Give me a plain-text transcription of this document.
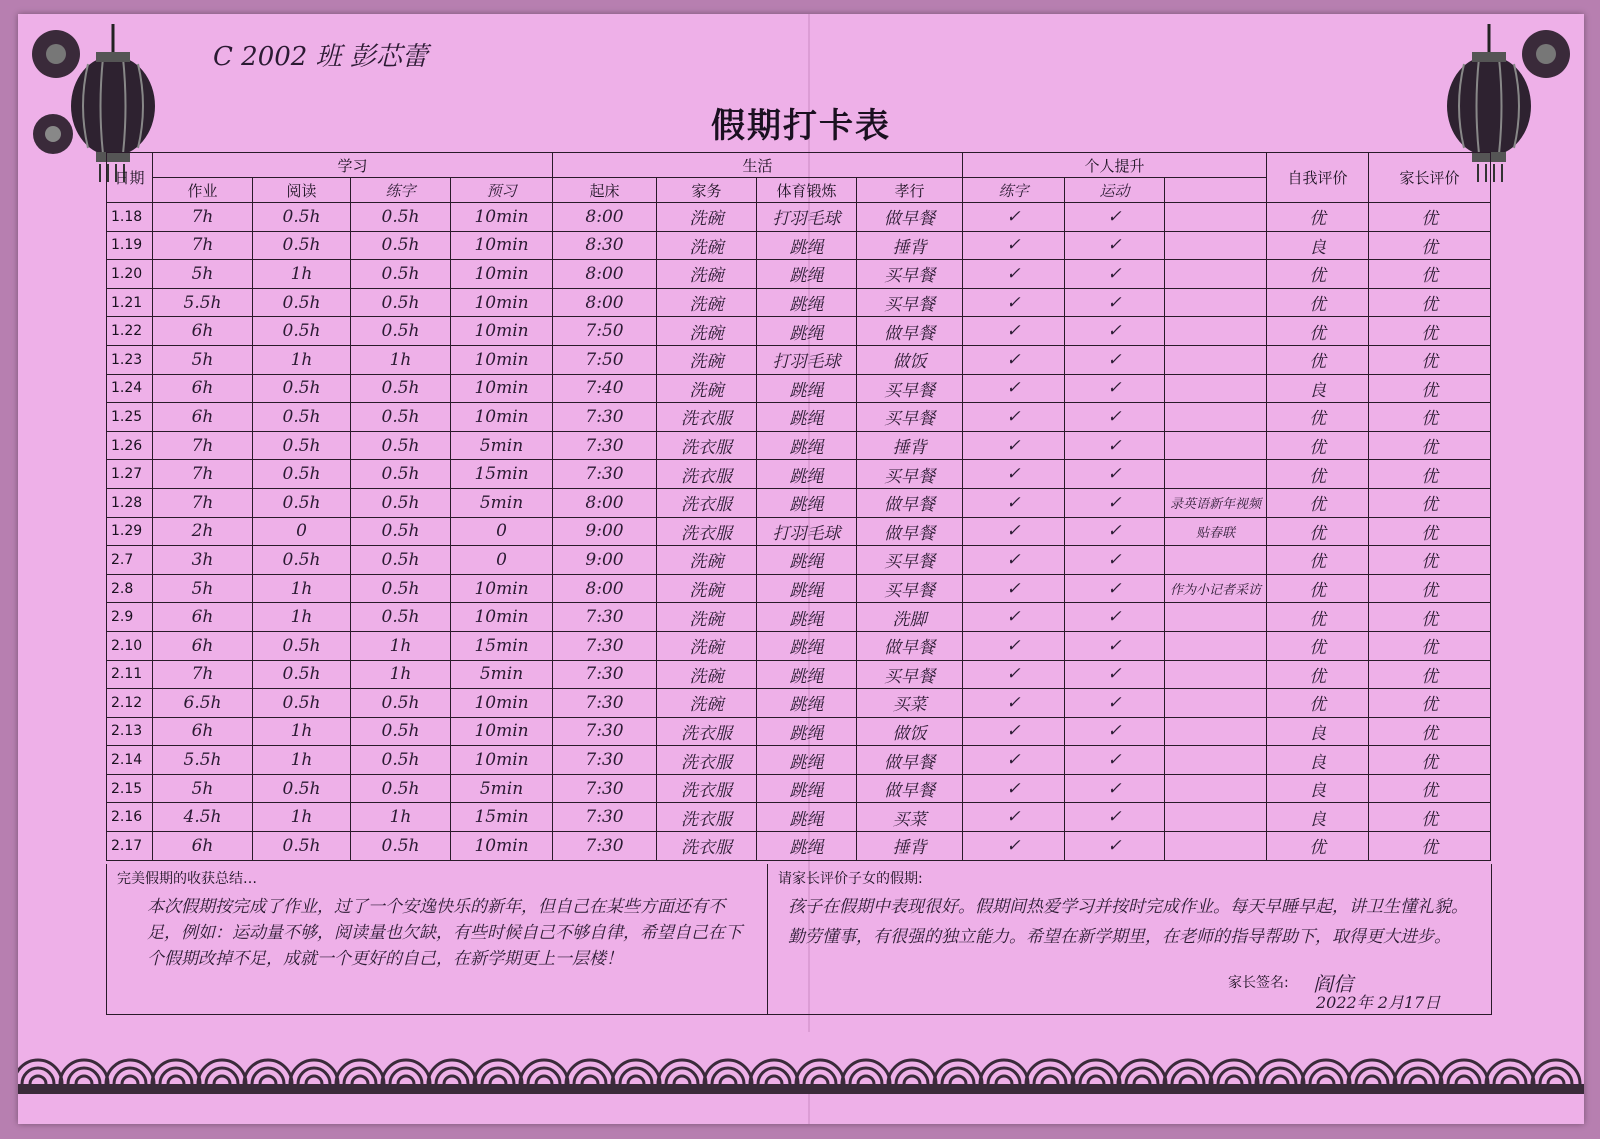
C 2002 班 彭芯蕾
假期打卡表
日期	学习				生活				个人提升			自我评价	家长评价
	作业	阅读	练字	预习	起床	家务	体育锻炼	孝行	练字	运动			
1.18	7h	0.5h	0.5h	10min	8:00	洗碗	打羽毛球	做早餐	✓	✓		优	优
1.19	7h	0.5h	0.5h	10min	8:30	洗碗	跳绳	捶背	✓	✓		良	优
1.20	5h	1h	0.5h	10min	8:00	洗碗	跳绳	买早餐	✓	✓		优	优
1.21	5.5h	0.5h	0.5h	10min	8:00	洗碗	跳绳	买早餐	✓	✓		优	优
1.22	6h	0.5h	0.5h	10min	7:50	洗碗	跳绳	做早餐	✓	✓		优	优
1.23	5h	1h	1h	10min	7:50	洗碗	打羽毛球	做饭	✓	✓		优	优
1.24	6h	0.5h	0.5h	10min	7:40	洗碗	跳绳	买早餐	✓	✓		良	优
1.25	6h	0.5h	0.5h	10min	7:30	洗衣服	跳绳	买早餐	✓	✓		优	优
1.26	7h	0.5h	0.5h	5min	7:30	洗衣服	跳绳	捶背	✓	✓		优	优
1.27	7h	0.5h	0.5h	15min	7:30	洗衣服	跳绳	买早餐	✓	✓		优	优
1.28	7h	0.5h	0.5h	5min	8:00	洗衣服	跳绳	做早餐	✓	✓	录英语新年视频	优	优
1.29	2h	0	0.5h	0	9:00	洗衣服	打羽毛球	做早餐	✓	✓	贴春联	优	优
2.7	3h	0.5h	0.5h	0	9:00	洗碗	跳绳	买早餐	✓	✓		优	优
2.8	5h	1h	0.5h	10min	8:00	洗碗	跳绳	买早餐	✓	✓	作为小记者采访	优	优
2.9	6h	1h	0.5h	10min	7:30	洗碗	跳绳	洗脚	✓	✓		优	优
2.10	6h	0.5h	1h	15min	7:30	洗碗	跳绳	做早餐	✓	✓		优	优
2.11	7h	0.5h	1h	5min	7:30	洗碗	跳绳	买早餐	✓	✓		优	优
2.12	6.5h	0.5h	0.5h	10min	7:30	洗碗	跳绳	买菜	✓	✓		优	优
2.13	6h	1h	0.5h	10min	7:30	洗衣服	跳绳	做饭	✓	✓		良	优
2.14	5.5h	1h	0.5h	10min	7:30	洗衣服	跳绳	做早餐	✓	✓		良	优
2.15	5h	0.5h	0.5h	5min	7:30	洗衣服	跳绳	做早餐	✓	✓		良	优
2.16	4.5h	1h	1h	15min	7:30	洗衣服	跳绳	买菜	✓	✓		良	优
2.17	6h	0.5h	0.5h	10min	7:30	洗衣服	跳绳	捶背	✓	✓		优	优
完美假期的收获总结…
本次假期按完成了作业，过了一个安逸快乐的新年，但自己在某些方面还有不足，例如：运动量不够，阅读量也欠缺，有些时候自己不够自律，希望自己在下个假期改掉不足，成就一个更好的自己，在新学期更上一层楼！
请家长评价子女的假期:
孩子在假期中表现很好。假期间热爱学习并按时完成作业。每天早睡早起，讲卫生懂礼貌。勤劳懂事，有很强的独立能力。希望在新学期里，在老师的指导帮助下，取得更大进步。
家长签名: 阎信
2022年 2月17日
